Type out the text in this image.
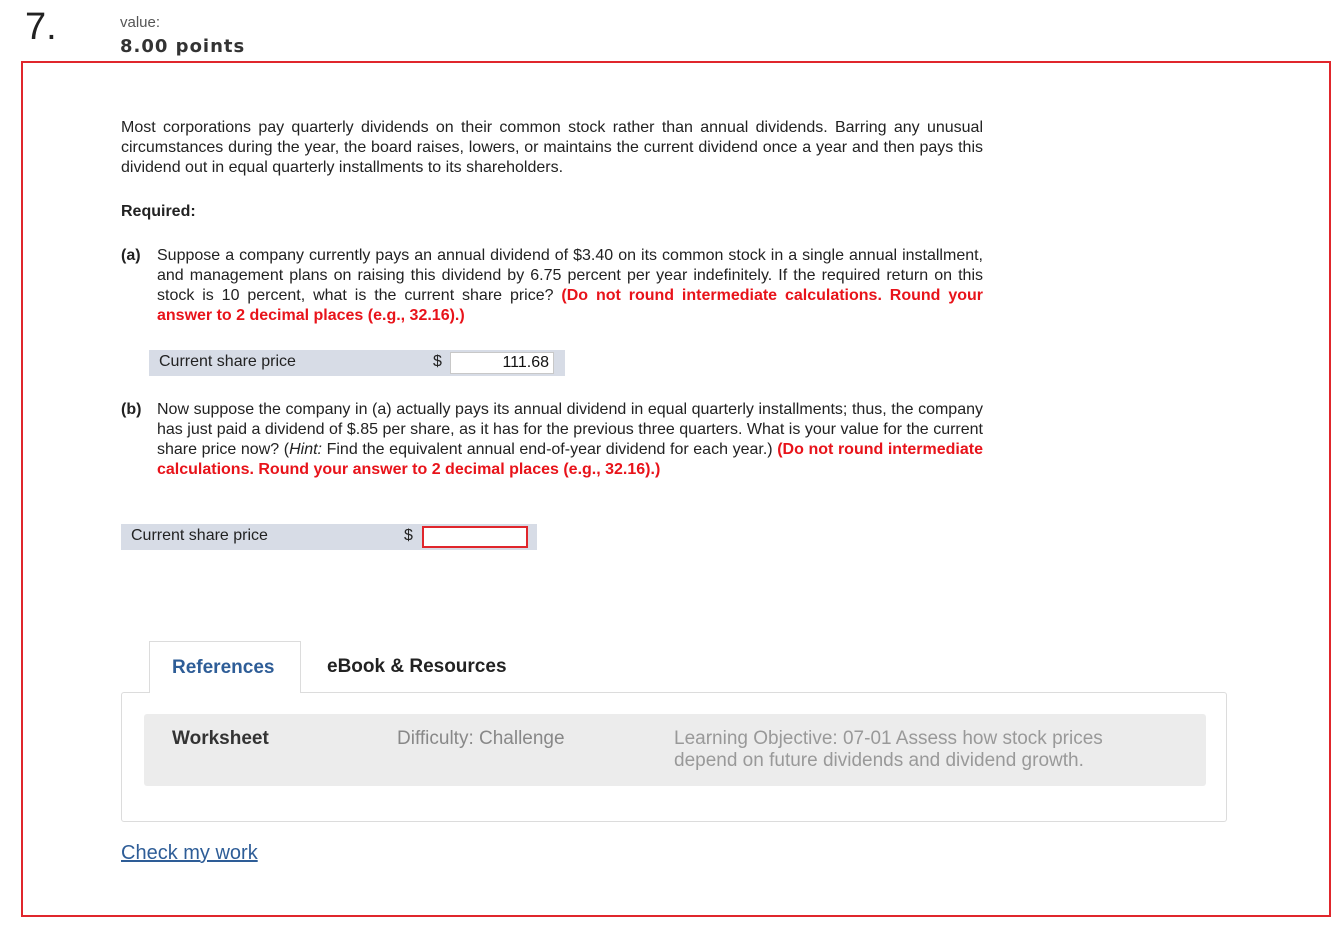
7.	value:
8.00 points
Most corporations pay quarterly dividends on their common stock rather than annual dividends. Barring any unusual circumstances during the year, the board raises, lowers, or maintains the current dividend once a year and then pays this dividend out in equal quarterly installments to its shareholders.
Required:
(a) Suppose a company currently pays an annual dividend of $3.40 on its common stock in a single annual installment, and management plans on raising this dividend by 6.75 percent per year indefinitely. If the required return on this stock is 10 percent, what is the current share price? (Do not round intermediate calculations. Round your answer to 2 decimal places (e.g., 32.16).)
Current share price	$	111.68
(b) Now suppose the company in (a) actually pays its annual dividend in equal quarterly installments; thus, the company has just paid a dividend of $.85 per share, as it has for the previous three quarters. What is your value for the current share price now? (Hint: Find the equivalent annual end-of-year dividend for each year.) (Do not round intermediate calculations. Round your answer to 2 decimal places (e.g., 32.16).)
Current share price	$
References	eBook & Resources
Worksheet	Difficulty: Challenge	Learning Objective: 07-01 Assess how stock prices depend on future dividends and dividend growth.
Check my work
